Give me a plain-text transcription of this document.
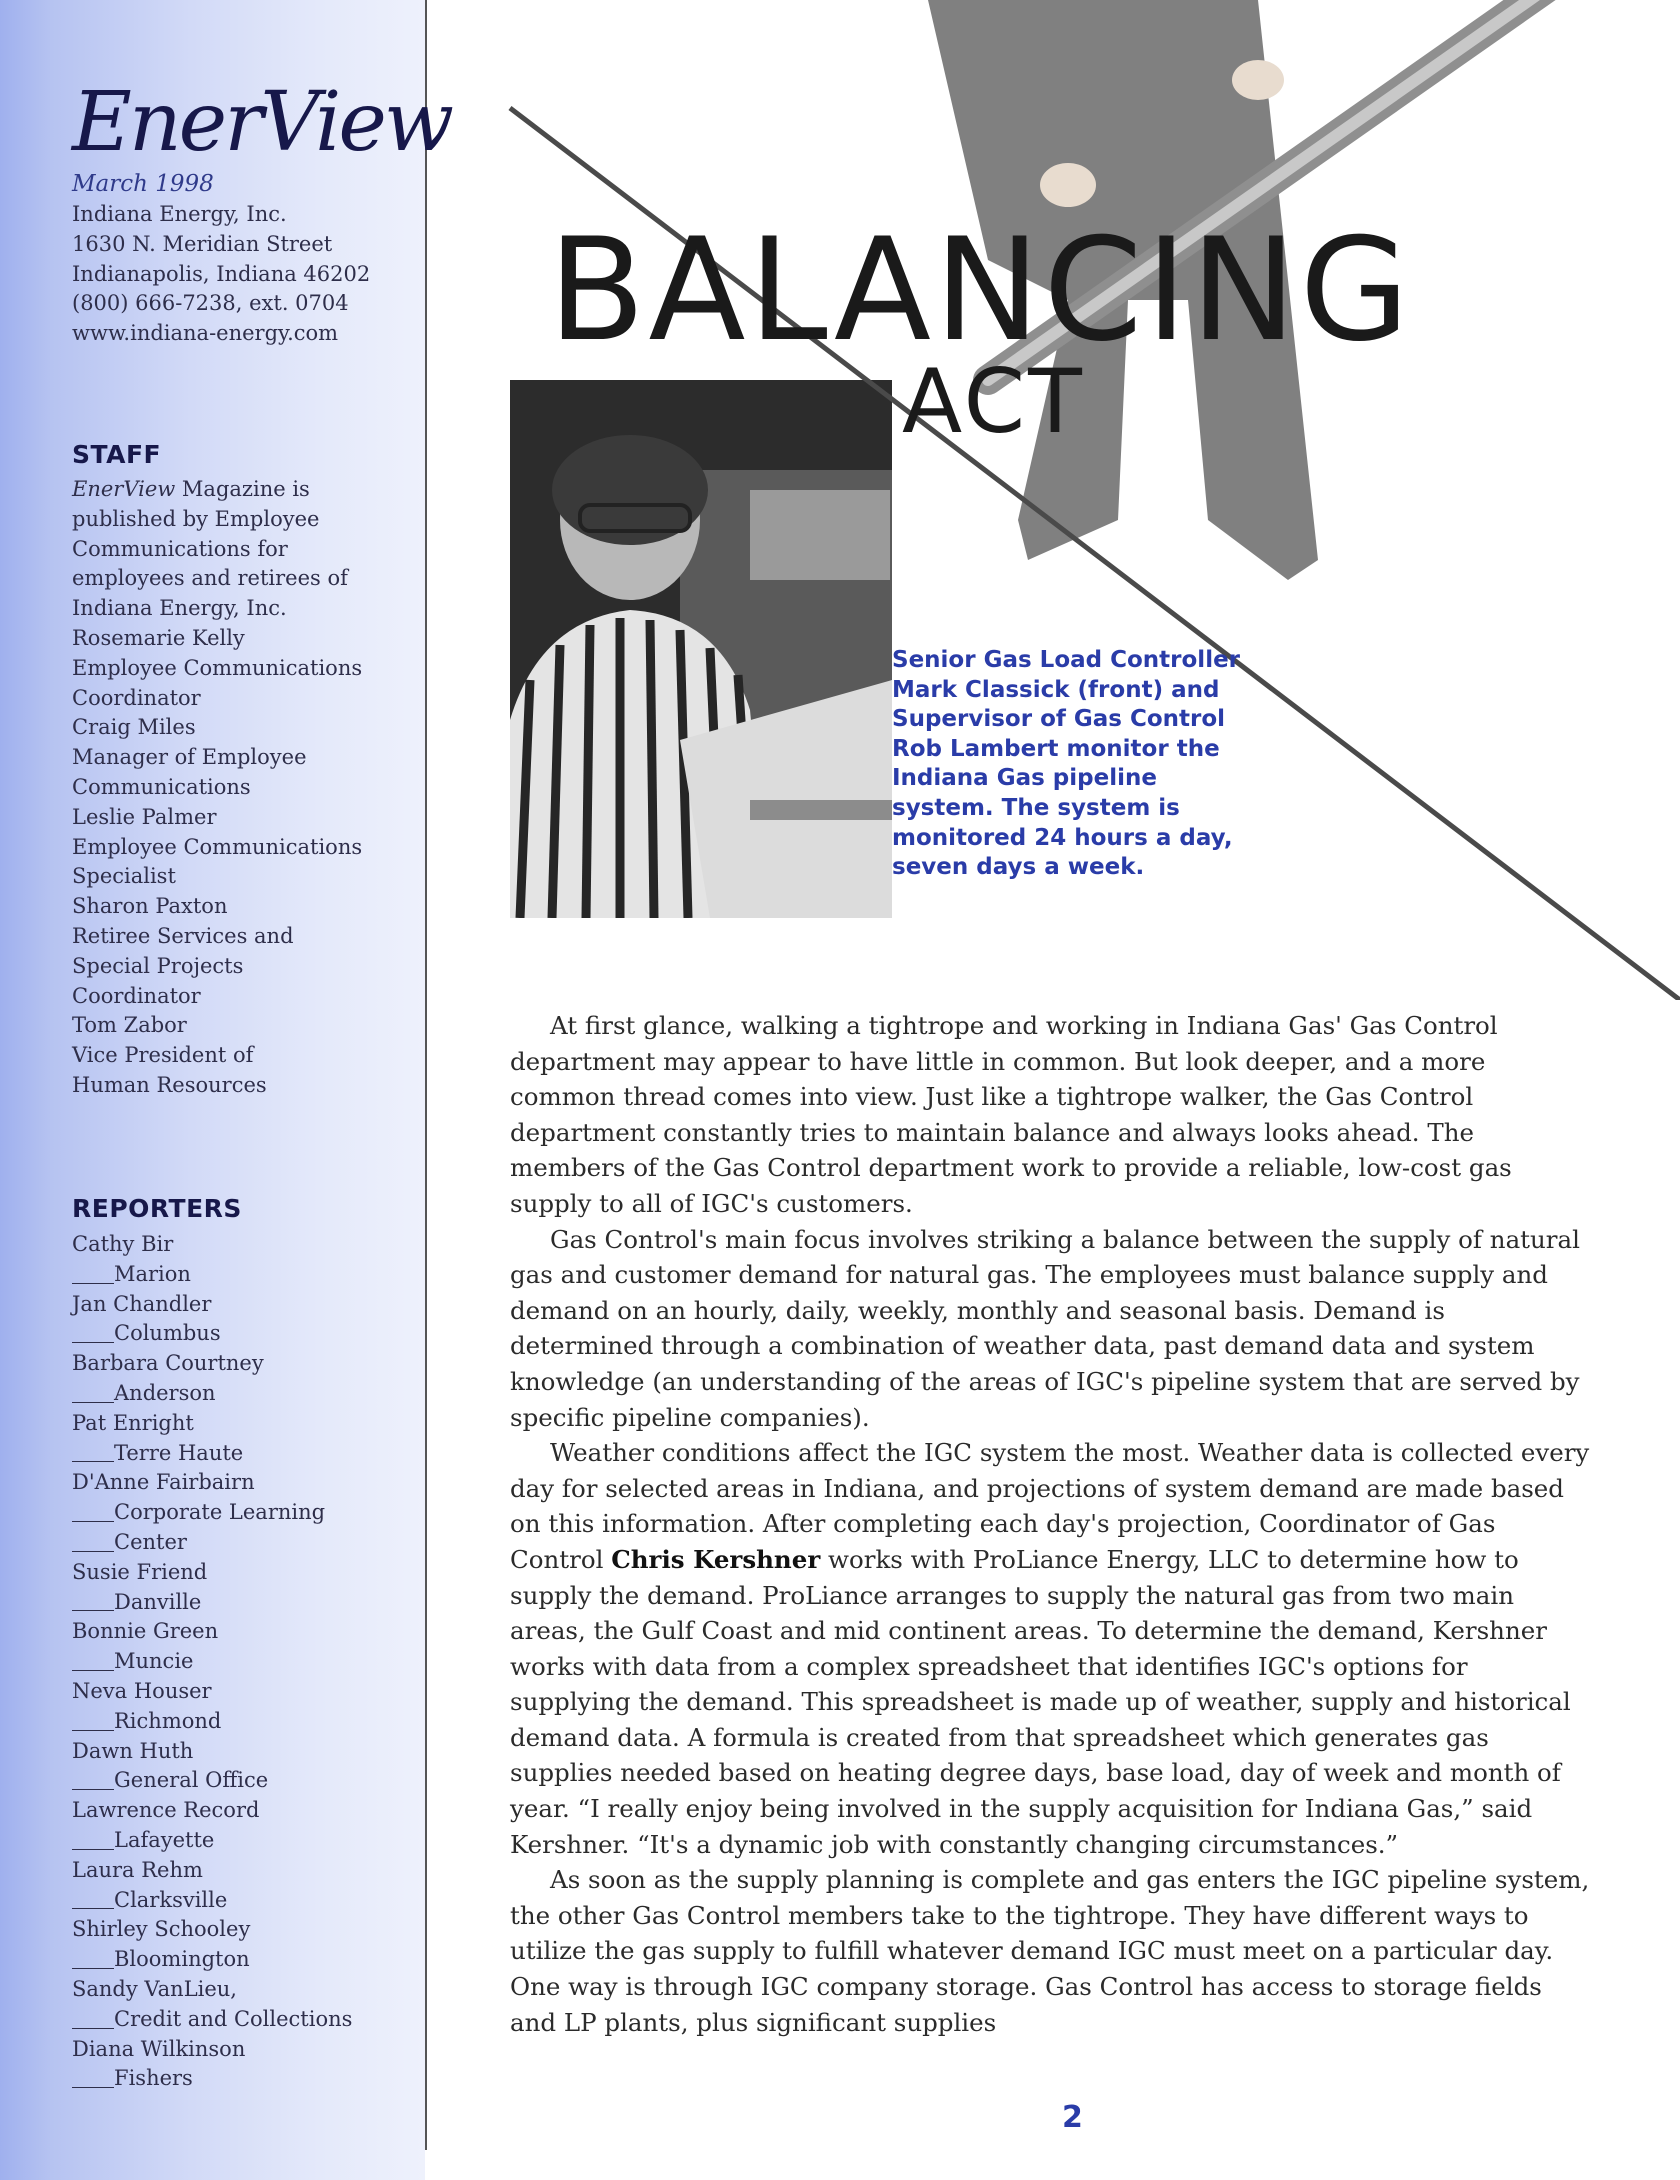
EnerView
March 1998
Indiana Energy, Inc.
1630 N. Meridian Street
Indianapolis, Indiana 46202
(800) 666-7238, ext. 0704
www.indiana-energy.com
STAFF
EnerView Magazine is
published by Employee
Communications for
employees and retirees of
Indiana Energy, Inc.
Rosemarie Kelly
Employee Communications
Coordinator
Craig Miles
Manager of Employee
Communications
Leslie Palmer
Employee Communications
Specialist
Sharon Paxton
Retiree Services and
Special Projects
Coordinator
Tom Zabor
Vice President of
Human Resources
REPORTERS
Cathy Bir
Marion
Jan Chandler
Columbus
Barbara Courtney
Anderson
Pat Enright
Terre Haute
D'Anne Fairbairn
Corporate Learning
Center
Susie Friend
Danville
Bonnie Green
Muncie
Neva Houser
Richmond
Dawn Huth
General Office
Lawrence Record
Lafayette
Laura Rehm
Clarksville
Shirley Schooley
Bloomington
Sandy VanLieu,
Credit and Collections
Diana Wilkinson
Fishers
BALANCING
ACT
Senior Gas Load Controller Mark Classick (front) and Supervisor of Gas Control Rob Lambert monitor the Indiana Gas pipeline system. The system is monitored 24 hours a day, seven days a week.

At first glance, walking a tightrope and working in Indiana Gas' Gas Control department may appear to have little in common. But look deeper, and a more common thread comes into view. Just like a tightrope walker, the Gas Control department constantly tries to maintain balance and always looks ahead. The members of the Gas Control department work to provide a reliable, low-cost gas supply to all of IGC's customers.

Gas Control's main focus involves striking a balance between the supply of natural gas and customer demand for natural gas. The employees must balance supply and demand on an hourly, daily, weekly, monthly and seasonal basis. Demand is determined through a combination of weather data, past demand data and system knowledge (an understanding of the areas of IGC's pipeline system that are served by specific pipeline companies).

Weather conditions affect the IGC system the most. Weather data is collected every day for selected areas in Indiana, and projections of system demand are made based on this information. After completing each day's projection, Coordinator of Gas Control Chris Kershner works with ProLiance Energy, LLC to determine how to supply the demand. ProLiance arranges to supply the natural gas from two main areas, the Gulf Coast and mid continent areas. To determine the demand, Kershner works with data from a complex spreadsheet that identifies IGC's options for supplying the demand. This spreadsheet is made up of weather, supply and historical demand data. A formula is created from that spreadsheet which generates gas supplies needed based on heating degree days, base load, day of week and month of year. “I really enjoy being involved in the supply acquisition for Indiana Gas,” said Kershner. “It's a dynamic job with constantly changing circumstances.”

As soon as the supply planning is complete and gas enters the IGC pipeline system, the other Gas Control members take to the tightrope. They have different ways to utilize the gas supply to fulfill whatever demand IGC must meet on a particular day. One way is through IGC company storage. Gas Control has access to storage fields and LP plants, plus significant supplies

2
